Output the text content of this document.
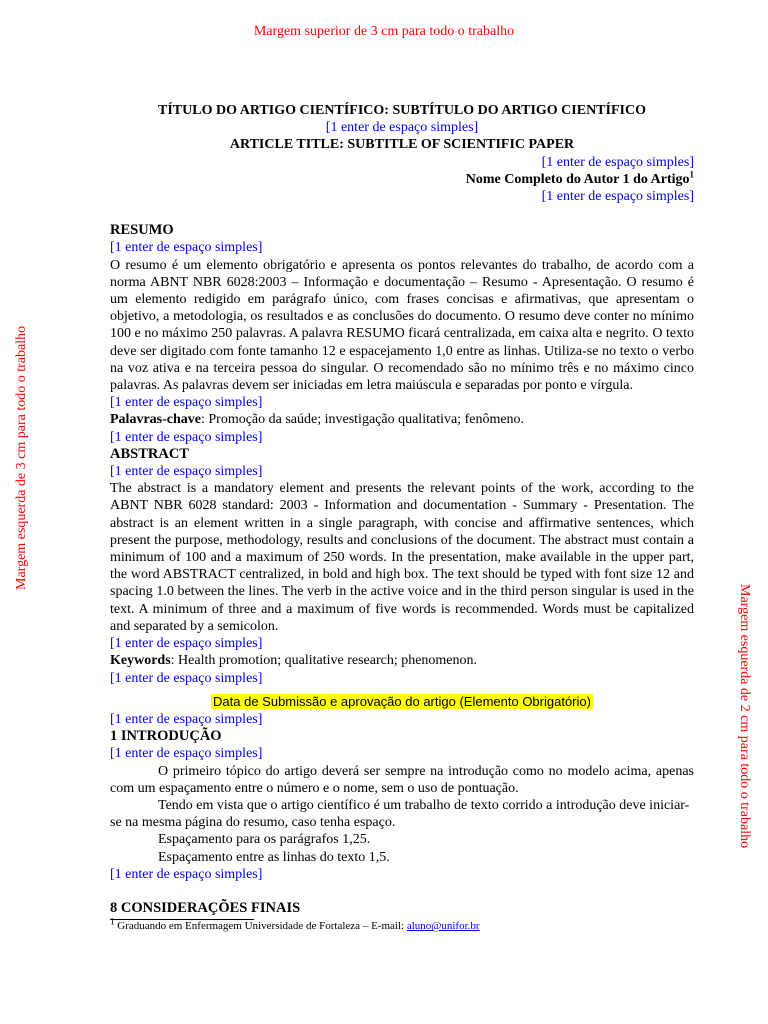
Margem superior de 3 cm para todo o trabalho
Margem esquerda de 3 cm para todo o trabalho
Margem esquerda de 2 cm para todo o trabalho

TÍTULO DO ARTIGO CIENTÍFICO: SUBTÍTULO DO ARTIGO CIENTÍFICO

[1 enter de espaço simples]

ARTICLE TITLE: SUBTITLE OF SCIENTIFIC PAPER

[1 enter de espaço simples]

Nome Completo do Autor 1 do Artigo$^1$

[1 enter de espaço simples]

RESUMO

[1 enter de espaço simples]

O resumo é um elemento obrigatório e apresenta os pontos relevantes do trabalho, de acordo com a norma ABNT NBR 6028:2003 – Informação e documentação – Resumo - Apresentação. O resumo é um elemento redigido em parágrafo único, com frases concisas e afirmativas, que apresentam o objetivo, a metodologia, os resultados e as conclusões do documento. O resumo deve conter no mínimo 100 e no máximo 250 palavras. A palavra RESUMO ficará centralizada, em caixa alta e negrito. O texto deve ser digitado com fonte tamanho 12 e espacejamento 1,0 entre as linhas. Utiliza-se no texto o verbo na voz ativa e na terceira pessoa do singular. O recomendado são no mínimo três e no máximo cinco palavras. As palavras devem ser iniciadas em letra maiúscula e separadas por ponto e vírgula.

[1 enter de espaço simples]

Palavras-chave: Promoção da saúde; investigação qualitativa; fenômeno.

[1 enter de espaço simples]

ABSTRACT

[1 enter de espaço simples]

The abstract is a mandatory element and presents the relevant points of the work, according to the ABNT NBR 6028 standard: 2003 - Information and documentation - Summary - Presentation. The abstract is an element written in a single paragraph, with concise and affirmative sentences, which present the purpose, methodology, results and conclusions of the document. The abstract must contain a minimum of 100 and a maximum of 250 words. In the presentation, make available in the upper part, the word ABSTRACT centralized, in bold and high box. The text should be typed with font size 12 and spacing 1.0 between the lines. The verb in the active voice and in the third person singular is used in the text. A minimum of three and a maximum of five words is recommended. Words must be capitalized and separated by a semicolon.

[1 enter de espaço simples]

Keywords: Health promotion; qualitative research; phenomenon.

[1 enter de espaço simples]

Data de Submissão e aprovação do artigo (Elemento Obrigatório)

[1 enter de espaço simples]

1 INTRODUÇÃO

[1 enter de espaço simples]

O primeiro tópico do artigo deverá ser sempre na introdução como no modelo acima, apenas com um espaçamento entre o número e o nome, sem o uso de pontuação.

Tendo em vista que o artigo científico é um trabalho de texto corrido a introdução deve iniciar-se na mesma página do resumo, caso tenha espaço.

Espaçamento para os parágrafos 1,25.

Espaçamento entre as linhas do texto 1,5.

[1 enter de espaço simples]

8 CONSIDERAÇÕES FINAIS

$^1$ Graduando em Enfermagem Universidade de Fortaleza – E-mail: aluno@unifor.br
